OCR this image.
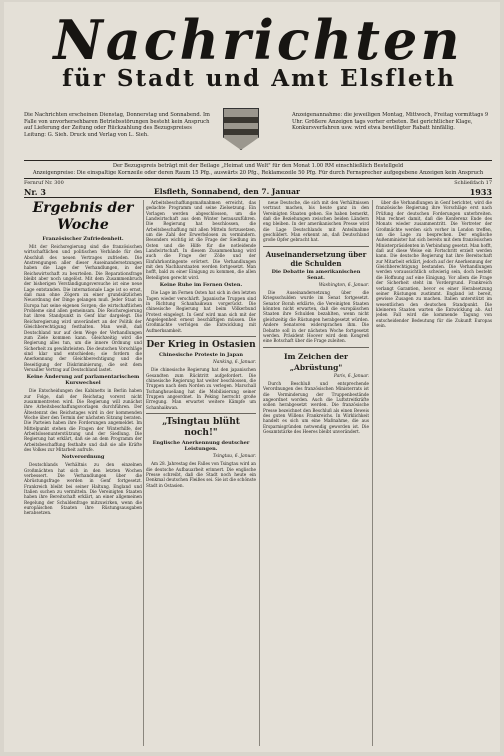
Nachrichten
für Stadt und Amt Elsfleth
Die Nachrichten erscheinen Dienstag, Donnerstag und Sonnabend. Im Falle von unvorhersehbaren Betriebsstörungen besteht kein Anspruch auf Lieferung der Zeitung oder Rückzahlung des Bezugspreises Leitung: G. Sieh. Druck und Verlag von L. Sieh.
Anzeigenannahme: die jeweiligen Montag, Mittwoch, Freitag vormittags 9 Uhr. Größere Anzeigen tags vorher erbeten. Bei gerichtlicher Klage, Konkursverfahren usw. wird etwa bewilligter Rabatt hinfällig.
Der Bezugspreis beträgt mit der Beilage „Heimat und Welt" für den Monat 1.00 RM einschließlich Bestellgeld
Anzeigenpreise: Die einspaltige Kornzeile oder deren Raum 15 Pfg., auswärts 20 Pfg., Reklamezeile 50 Pfg. Für durch Fernsprecher aufgegebene Anzeigen kein Anspruch
Fernruf Nr. 300	Schließfach 17
Nr. 3	Elsfleth, Sonnabend, den 7. Januar	1933
Ergebnis der Woche
Französischer Zufriedenheit.

Mit der Reichsregierung sind die französischen wirtschaftlichen und politischen Verbände für den Abschluß des neuen Vertrages zufrieden. Die Anstrengungen aller dieser Auseinandersetzungen haben die Lage der Verhandlungen, in der Reichswirtschaft zu beurteilen. Die Reparationsfrage bleibt aber noch ungelöst. Mit dem Zusammenbruch der bisherigen Verständigungsversuche ist eine neue Lage entstanden. Die internationale Lage ist so ernst, daß man ohne Zögern zu einer grundsätzlichen Neuordnung der Dinge gelangen muß. Jeder Staat in Europa hat seine eigenen Sorgen; die wirtschaftlichen Probleme sind allen gemeinsam. Die Reichsregierung hat ihren Standpunkt in Genf klar dargelegt. Die Reichsregierung wird unverändert an der Politik der Gleichberechtigung festhalten. Man weiß, daß Deutschland nur auf dem Wege der Verhandlungen zum Ziele kommen kann. Gleichzeitig wird die Regierung alles tun, um die innere Ordnung und Sicherheit zu gewährleisten. Die deutschen Vorschläge sind klar und entschieden; sie fordern die Anerkennung der Gleichberechtigung und die Beseitigung der Diskriminierung, die seit dem Versailler Vertrag auf Deutschland lastet.

Keine Änderung auf parlamentarischem Kurswechsel

Die Entscheidungen des Kabinetts in Berlin haben zur Folge, daß der Reichstag vorerst nicht zusammentreten wird. Die Regierung will zunächst ihre Arbeitsbeschaffungsvorlagen durchführen. Der Ältestenrat des Reichstages wird in der kommenden Woche über den Termin der nächsten Sitzung beraten. Die Parteien haben ihre Forderungen angemeldet. Im Mittelpunkt stehen die Fragen der Winterhilfe, der Arbeitslosenunterstützung und der Siedlung. Die Regierung hat erklärt, daß sie an dem Programm der Arbeitsbeschaffung festhalte und daß sie alle Kräfte des Volkes zur Mitarbeit aufrufe.

Notverordnung

Deutschlands Verhältnis zu den einzelnen Großmächten hat sich in den letzten Wochen verbessert. Die Verhandlungen über die Abrüstungsfrage werden in Genf fortgesetzt. Frankreich bleibt bei seiner Haltung. England und Italien suchen zu vermitteln. Die Vereinigten Staaten haben ihre Bereitschaft erklärt, an einer allgemeinen Regelung der Schuldenfrage mitzuwirken, wenn die europäischen Staaten ihre Rüstungsausgaben herabsetzen.

Arbeitsbeschaffungsmaßnahmen erreicht, das gedachte Programm und seine Zielsetzung. Ein Vorlagen werden abgeschlossen, um die Landwirtschaft aus dem Winter herauszuführen. Die Regierung hat beschlossen, die Arbeitsbeschaffung mit allen Mitteln fortzusetzen, um die Zahl der Erwerbslosen zu vermindern. Besonders wichtig ist die Frage der Siedlung im Osten und die Hilfe für die notleidende Landwirtschaft. In diesem Zusammenhang wird auch die Frage der Zölle und der Einfuhrkontingente erörtert. Die Verhandlungen mit den Nachbarstaaten werden fortgesetzt. Man hofft, bald zu einer Einigung zu kommen, die allen Beteiligten gerecht wird.

Keine Ruhe im Fernen Osten.

Die Lage im Fernen Osten hat sich in den letzten Tagen wieder verschärft. Japanische Truppen sind in Richtung Schanhaikwan vorgerückt. Die chinesische Regierung hat beim Völkerbund Protest eingelegt. In Genf wird man sich mit der Angelegenheit erneut beschäftigen müssen. Die Großmächte verfolgen die Entwicklung mit Aufmerksamkeit.

Der Krieg in Ostasien
Chinesische Proteste in Japan
Nanking, 6. Januar.

Die chinesische Regierung hat den japanischen Gesandten zum Rücktritt aufgefordert. Die chinesische Regierung hat weiter beschlossen, die Truppen nach dem Norden zu verlegen. Marschall Tschanghsueliang hat die Mobilisierung seiner Truppen angeordnet. In Peking herrscht große Erregung. Man erwartet weitere Kämpfe um Schanhaikwan.

„Tsingtau blüht noch!"
Englische Anerkennung deutscher Leistungen.
Tsingtau, 6. Januar.

Am 28. Jahrestag des Falles von Tsingtau wird an die deutsche Aufbauarbeit erinnert. Die englische Presse schreibt, daß die Stadt noch heute ein Denkmal deutschen Fleißes sei. Sie ist die schönste Stadt in Ostasien.

neue Deutsche, die sich mit den Verhältnissen vertraut machen, bis heute ganz in den Vereinigten Staaten gehen. Sie haben bemerkt, daß die Beziehungen zwischen beiden Ländern eng bleiben. In der amerikanischen Presse wird die Lage Deutschlands mit Anteilnahme geschildert. Man erkennt an, daß Deutschland große Opfer gebracht hat.

Auseinandersetzung über die Schulden
Die Debatte im amerikanischen Senat.
Washington, 6. Januar.

Die Auseinandersetzung über die Kriegsschulden wurde im Senat fortgesetzt. Senator Borah erklärte, die Vereinigten Staaten könnten nicht erwarten, daß die europäischen Staaten ihre Schulden bezahlten, wenn nicht gleichzeitig die Rüstungen herabgesetzt würden. Andere Senatoren widersprachen ihm. Die Debatte soll in der nächsten Woche fortgesetzt werden. Präsident Hoover wird dem Kongreß eine Botschaft über die Frage zuleiten.

Im Zeichen der „Abrüstung"
Paris, 6. Januar.

Durch Beschluß und entsprechende Verordnungen des französischen Ministerrats ist die Verminderung der Truppenbestände angeordnet worden. Auch die Luftstreitkräfte sollen herabgesetzt werden. Die französische Presse bezeichnet den Beschluß als einen Beweis des guten Willens Frankreichs. In Wirklichkeit handelt es sich um eine Maßnahme, die aus Ersparnisgründen notwendig geworden ist. Die Gesamtstärke des Heeres bleibt unverändert.

über die Verhandlungen in Genf berichtet, wird die französische Regierung ihre Vorschläge erst nach Prüfung der deutschen Forderungen unterbreiten. Man rechnet damit, daß die Konferenz Ende des Monats wieder zusammentritt. Die Vertreter der Großmächte werden sich vorher in London treffen, um die Lage zu besprechen. Der englische Außenminister hat sich bereits mit dem französischen Ministerpräsidenten in Verbindung gesetzt. Man hofft, daß auf diese Weise ein Fortschritt erzielt werden kann. Die deutsche Regierung hat ihre Bereitschaft zur Mitarbeit erklärt, jedoch auf der Anerkennung der Gleichberechtigung bestanden. Die Verhandlungen werden voraussichtlich schwierig sein, doch besteht die Hoffnung auf eine Einigung. Vor allem die Frage der Sicherheit steht im Vordergrund. Frankreich verlangt Garantien, bevor es einer Herabsetzung seiner Rüstungen zustimmt. England ist bereit, gewisse Zusagen zu machen. Italien unterstützt im wesentlichen den deutschen Standpunkt. Die kleineren Staaten warten die Entwicklung ab. Auf jeden Fall wird die kommende Tagung von entscheidender Bedeutung für die Zukunft Europas sein.
